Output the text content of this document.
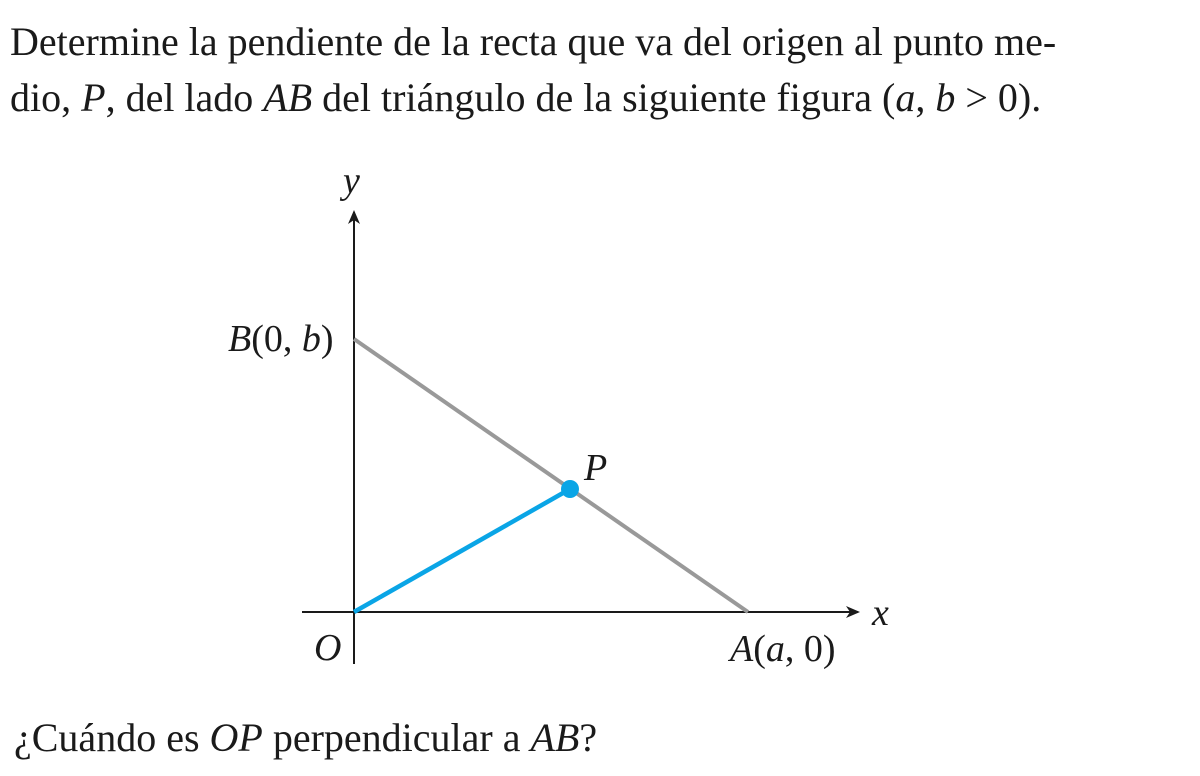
Determine la pendiente de la recta que va del origen al punto me-
dio, P, del lado AB del triángulo de la siguiente figura (a, b > 0).

y
x
O
B(0, b)
A(a, 0)
P

¿Cuándo es OP perpendicular a AB?
